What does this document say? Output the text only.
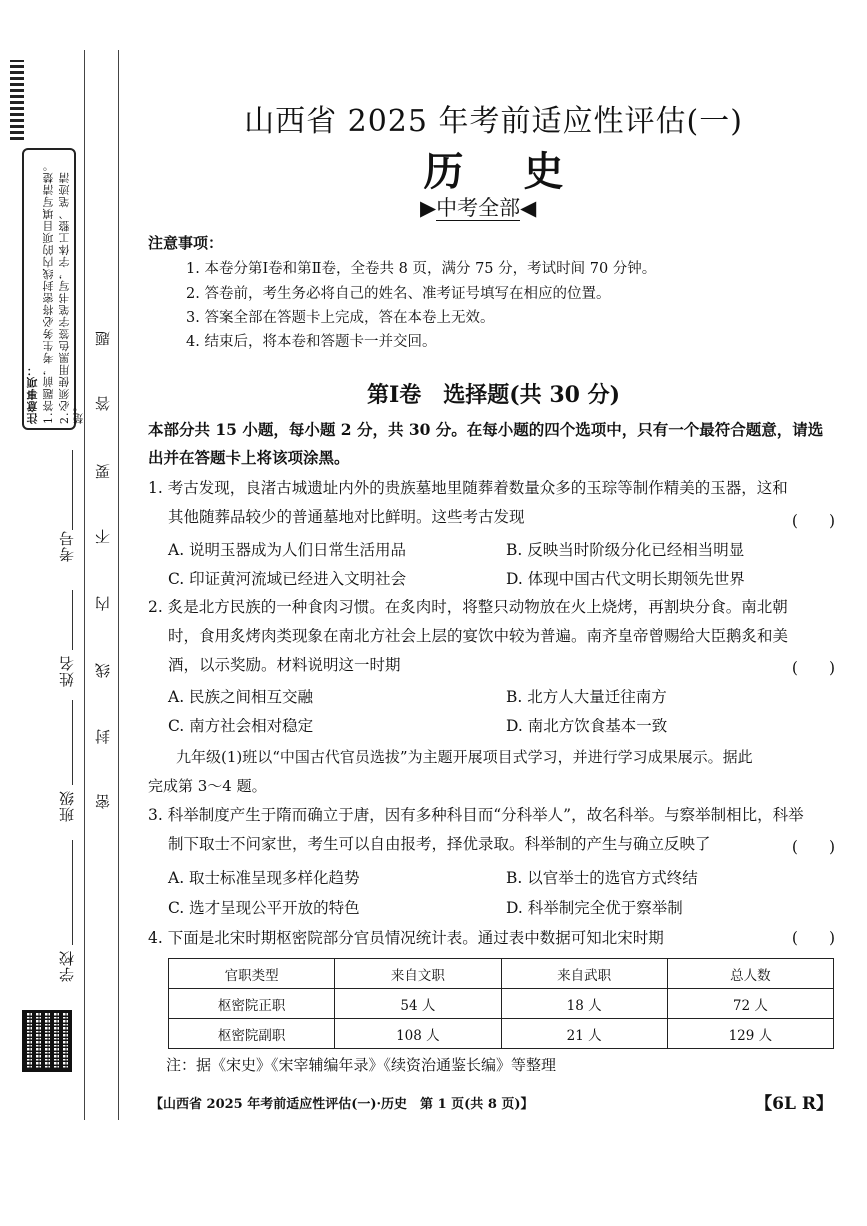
注意事项： 1.答题前，考生务必将密封线内的项目填写清楚。 2.必须使用黑色签字笔书写，字体工整、笔迹清楚。
题
答
要
不
内
线
封
密
考号
姓名
班级
学校
山西省 2025 年考前适应性评估(一)
历史
▶中考全部◀
注意事项：
1. 本卷分第Ⅰ卷和第Ⅱ卷，全卷共 8 页，满分 75 分，考试时间 70 分钟。
2. 答卷前，考生务必将自己的姓名、准考证号填写在相应的位置。
3. 答案全部在答题卡上完成，答在本卷上无效。
4. 结束后，将本卷和答题卡一并交回。
第Ⅰ卷　选择题(共 30 分)
本部分共 15 小题，每小题 2 分，共 30 分。在每小题的四个选项中，只有一个最符合题意，请选出并在答题卡上将该项涂黑。
1. 考古发现，良渚古城遗址内外的贵族墓地里随葬着数量众多的玉琮等制作精美的玉器，这和
其他随葬品较少的普通墓地对比鲜明。这些考古发现	(　　)
A. 说明玉器成为人们日常生活用品	B. 反映当时阶级分化已经相当明显
C. 印证黄河流域已经进入文明社会	D. 体现中国古代文明长期领先世界
2. 炙是北方民族的一种食肉习惯。在炙肉时，将整只动物放在火上烧烤，再割块分食。南北朝
时，食用炙烤肉类现象在南北方社会上层的宴饮中较为普遍。南齐皇帝曾赐给大臣鹅炙和美
酒，以示奖励。材料说明这一时期	(　　)
A. 民族之间相互交融	B. 北方人大量迁往南方
C. 南方社会相对稳定	D. 南北方饮食基本一致
九年级(1)班以“中国古代官员选拔”为主题开展项目式学习，并进行学习成果展示。据此
完成第 3～4 题。
3. 科举制度产生于隋而确立于唐，因有多种科目而“分科举人”，故名科举。与察举制相比，科举
制下取士不问家世，考生可以自由报考，择优录取。科举制的产生与确立反映了	(　　)
A. 取士标准呈现多样化趋势	B. 以官举士的选官方式终结
C. 选才呈现公平开放的特色	D. 科举制完全优于察举制
4. 下面是北宋时期枢密院部分官员情况统计表。通过表中数据可知北宋时期	(　　)
官职类型	来自文职	来自武职	总人数
枢密院正职	54 人	18 人	72 人
枢密院副职	108 人	21 人	129 人
注：据《宋史》《宋宰辅编年录》《续资治通鉴长编》等整理
【山西省 2025 年考前适应性评估(一)·历史　第 1 页(共 8 页)】	【6L R】
